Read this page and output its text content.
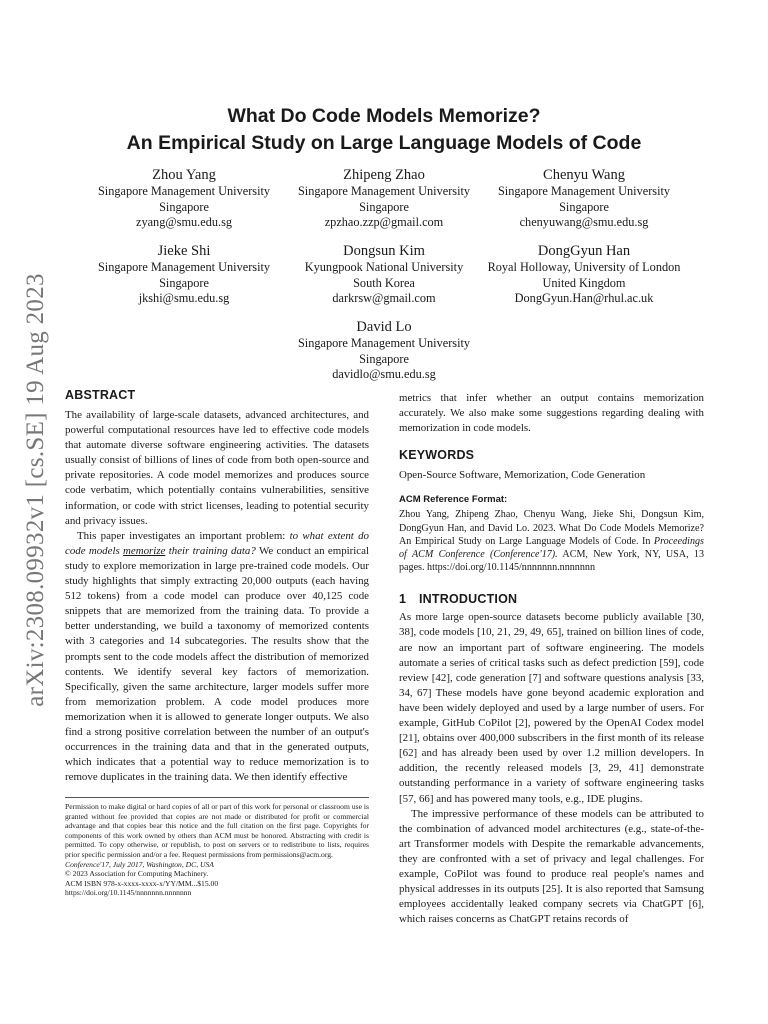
arXiv:2308.09932v1 [cs.SE] 19 Aug 2023
What Do Code Models Memorize?
An Empirical Study on Large Language Models of Code
Zhou Yang
Singapore Management University
Singapore
zyang@smu.edu.sg
Zhipeng Zhao
Singapore Management University
Singapore
zpzhao.zzp@gmail.com
Chenyu Wang
Singapore Management University
Singapore
chenyuwang@smu.edu.sg
Jieke Shi
Singapore Management University
Singapore
jkshi@smu.edu.sg
Dongsun Kim
Kyungpook National University
South Korea
darkrsw@gmail.com
DongGyun Han
Royal Holloway, University of London
United Kingdom
DongGyun.Han@rhul.ac.uk
David Lo
Singapore Management University
Singapore
davidlo@smu.edu.sg
ABSTRACT

The availability of large-scale datasets, advanced architectures, and powerful computational resources have led to effective code models that automate diverse software engineering activities. The datasets usually consist of billions of lines of code from both open-source and private repositories. A code model memorizes and produces source code verbatim, which potentially contains vulnerabilities, sensitive information, or code with strict licenses, leading to potential security and privacy issues.

This paper investigates an important problem: to what extent do code models memorize their training data? We conduct an empirical study to explore memorization in large pre-trained code models. Our study highlights that simply extracting 20,000 outputs (each having 512 tokens) from a code model can produce over 40,125 code snippets that are memorized from the training data. To provide a better understanding, we build a taxonomy of memorized contents with 3 categories and 14 subcategories. The results show that the prompts sent to the code models affect the distribution of memorized contents. We identify several key factors of memorization. Specifically, given the same architecture, larger models suffer more from memorization problem. A code model produces more memorization when it is allowed to generate longer outputs. We also find a strong positive correlation between the number of an output's occurrences in the training data and that in the generated outputs, which indicates that a potential way to reduce memorization is to remove duplicates in the training data. We then identify effective

Permission to make digital or hard copies of all or part of this work for personal or classroom use is granted without fee provided that copies are not made or distributed for profit or commercial advantage and that copies bear this notice and the full citation on the first page. Copyrights for components of this work owned by others than ACM must be honored. Abstracting with credit is permitted. To copy otherwise, or republish, to post on servers or to redistribute to lists, requires prior specific permission and/or a fee. Request permissions from permissions@acm.org.

Conference'17, July 2017, Washington, DC, USA

© 2023 Association for Computing Machinery.

ACM ISBN 978-x-xxxx-xxxx-x/YY/MM...$15.00

https://doi.org/10.1145/nnnnnnn.nnnnnnn

metrics that infer whether an output contains memorization accurately. We also make some suggestions regarding dealing with memorization in code models.

KEYWORDS

Open-Source Software, Memorization, Code Generation

ACM Reference Format:

Zhou Yang, Zhipeng Zhao, Chenyu Wang, Jieke Shi, Dongsun Kim, DongGyun Han, and David Lo. 2023. What Do Code Models Memorize? An Empirical Study on Large Language Models of Code. In Proceedings of ACM Conference (Conference'17). ACM, New York, NY, USA, 13 pages. https://doi.org/10.1145/nnnnnnn.nnnnnnn

1 INTRODUCTION

As more large open-source datasets become publicly available [30, 38], code models [10, 21, 29, 49, 65], trained on billion lines of code, are now an important part of software engineering. The models automate a series of critical tasks such as defect prediction [59], code review [42], code generation [7] and software questions analysis [33, 34, 67] These models have gone beyond academic exploration and have been widely deployed and used by a large number of users. For example, GitHub CoPilot [2], powered by the OpenAI Codex model [21], obtains over 400,000 subscribers in the first month of its release [62] and has already been used by over 1.2 million developers. In addition, the recently released models [3, 29, 41] demonstrate outstanding performance in a variety of software engineering tasks [57, 66] and has powered many tools, e.g., IDE plugins.

The impressive performance of these models can be attributed to the combination of advanced model architectures (e.g., state-of-the-art Transformer models with Despite the remarkable advancements, they are confronted with a set of privacy and legal challenges. For example, CoPilot was found to produce real people's names and physical addresses in its outputs [25]. It is also reported that Samsung employees accidentally leaked company secrets via ChatGPT [6], which raises concerns as ChatGPT retains records of
